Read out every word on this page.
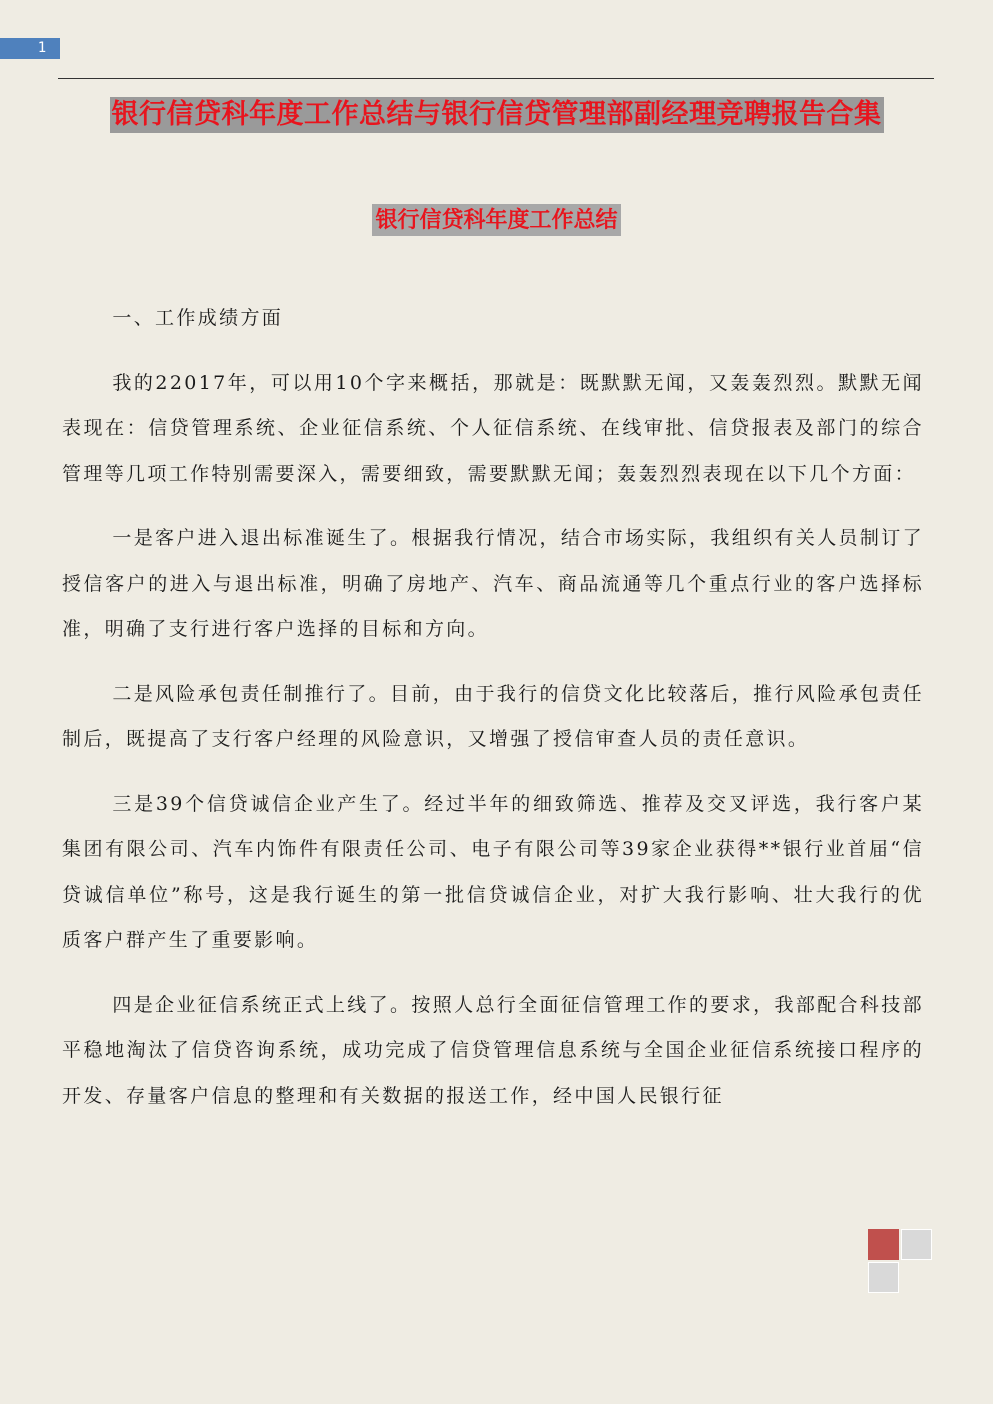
1
银行信贷科年度工作总结与银行信贷管理部副经理竞聘报告合集
银行信贷科年度工作总结

一、工作成绩方面

我的22017年，可以用10个字来概括，那就是：既默默无闻，又轰轰烈烈。默默无闻表现在：信贷管理系统、企业征信系统、个人征信系统、在线审批、信贷报表及部门的综合管理等几项工作特别需要深入，需要细致，需要默默无闻；轰轰烈烈表现在以下几个方面：

一是客户进入退出标准诞生了。根据我行情况，结合市场实际，我组织有关人员制订了授信客户的进入与退出标准，明确了房地产、汽车、商品流通等几个重点行业的客户选择标准，明确了支行进行客户选择的目标和方向。

二是风险承包责任制推行了。目前，由于我行的信贷文化比较落后，推行风险承包责任制后，既提高了支行客户经理的风险意识，又增强了授信审查人员的责任意识。

三是39个信贷诚信企业产生了。经过半年的细致筛选、推荐及交叉评选，我行客户某集团有限公司、汽车内饰件有限责任公司、电子有限公司等39家企业获得**银行业首届“信贷诚信单位”称号，这是我行诞生的第一批信贷诚信企业，对扩大我行影响、壮大我行的优质客户群产生了重要影响。

四是企业征信系统正式上线了。按照人总行全面征信管理工作的要求，我部配合科技部平稳地淘汰了信贷咨询系统，成功完成了信贷管理信息系统与全国企业征信系统接口程序的开发、存量客户信息的整理和有关数据的报送工作，经中国人民银行征
